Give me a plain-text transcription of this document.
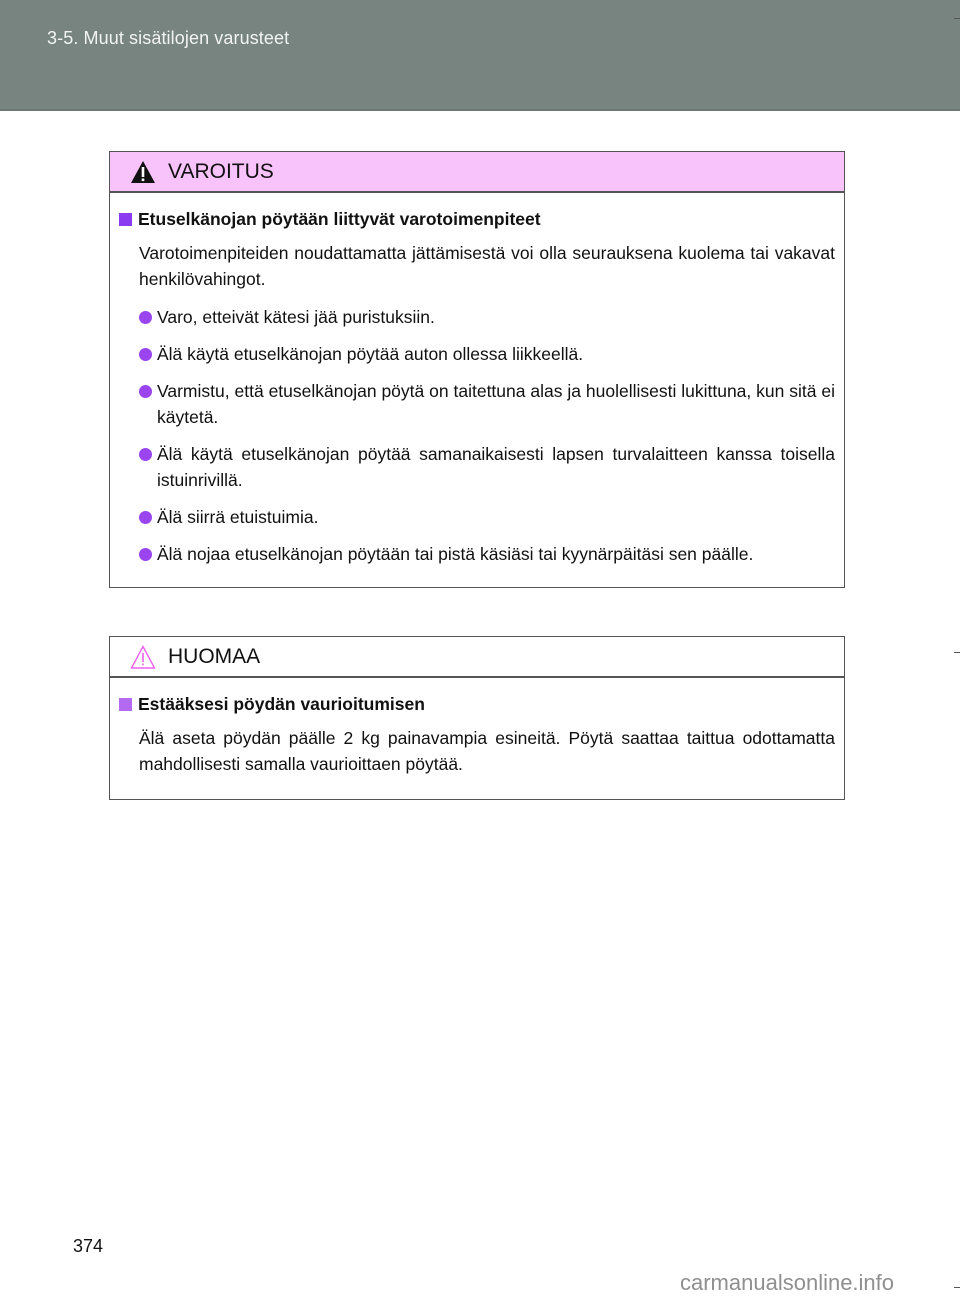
3-5. Muut sisätilojen varusteet
VAROITUS
Etuselkänojan pöytään liittyvät varotoimenpiteet

Varotoimenpiteiden noudattamatta jättämisestä voi olla seurauksena kuolema tai vakavat henkilövahingot.

Varo, etteivät kätesi jää puristuksiin.
Älä käytä etuselkänojan pöytää auton ollessa liikkeellä.
Varmistu, että etuselkänojan pöytä on taitettuna alas ja huolellisesti lukittuna, kun sitä ei käytetä.
Älä käytä etuselkänojan pöytää samanaikaisesti lapsen turvalaitteen kanssa toisella istuinrivillä.
Älä siirrä etuistuimia.
Älä nojaa etuselkänojan pöytään tai pistä käsiäsi tai kyynärpäitäsi sen päälle.
HUOMAA
Estääksesi pöydän vaurioitumisen

Älä aseta pöydän päälle 2 kg painavampia esineitä. Pöytä saattaa taittua odottamatta mahdollisesti samalla vaurioittaen pöytää.

374
carmanualsonline.info
